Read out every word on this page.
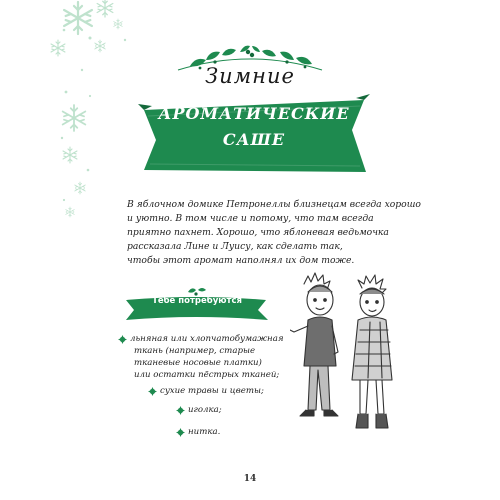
Зимние
АРОМАТИЧЕСКИЕ
САШЕ
В яблочном домике Петронеллы близнецам всегда хорошо
и уютно. В том числе и потому, что там всегда
приятно пахнет. Хорошо, что яблоневая ведьмочка
рассказала Лине и Луису, как сделать так,
чтобы этот аромат наполнял их дом тоже.
Тебе потребуются
льняная или хлопчатобумажная
ткань (например, старые
тканевые носовые платки)
или остатки пёстрых тканей;
сухие травы и цветы;
иголка;
нитка.
14
